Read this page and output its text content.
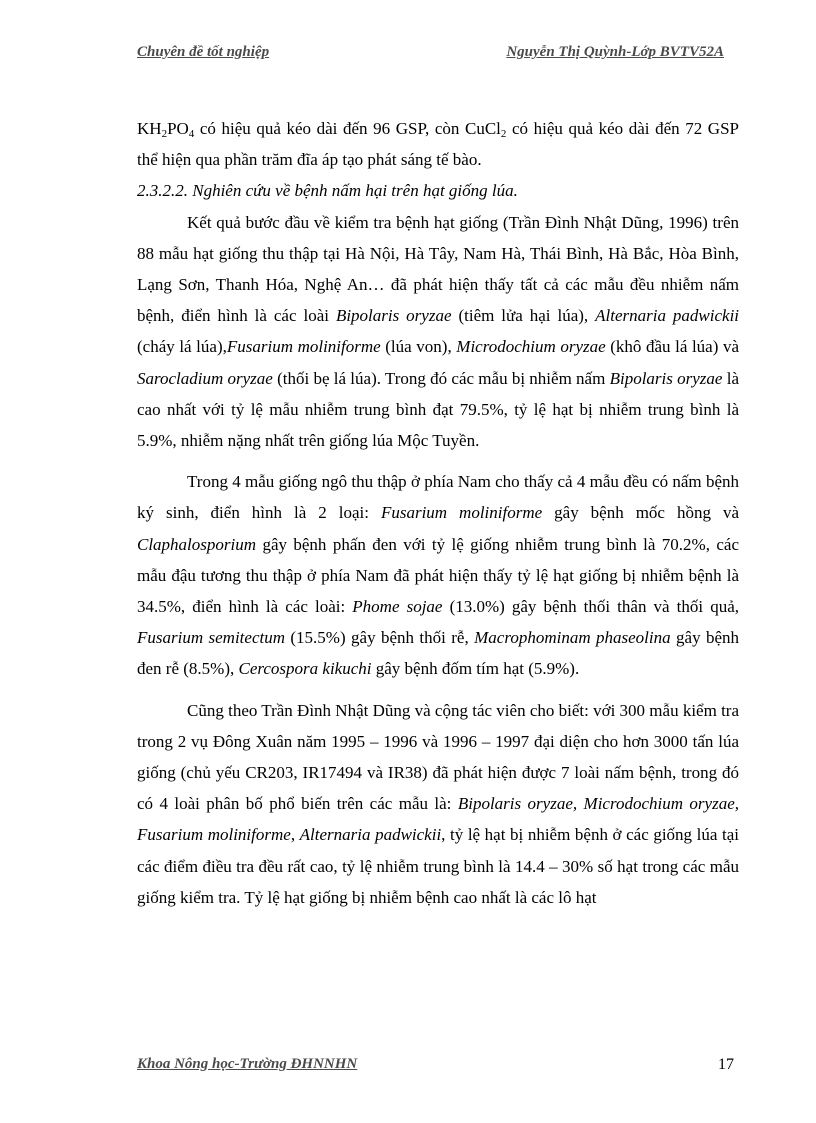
Chuyên đề tốt nghiệp	Nguyễn Thị Quỳnh-Lớp BVTV52A

$KH_2PO_4$ có hiệu quả kéo dài đến 96 GSP, còn CuCl$_2$ có hiệu quả kéo dài đến 72 GSP thể hiện qua phần trăm đĩa áp tạo phát sáng tế bào.

2.3.2.2. Nghiên cứu về bệnh nấm hại trên hạt giống lúa.

Kết quả bước đầu về kiểm tra bệnh hạt giống (Trần Đình Nhật Dũng, 1996) trên 88 mẫu hạt giống thu thập tại Hà Nội, Hà Tây, Nam Hà, Thái Bình, Hà Bắc, Hòa Bình, Lạng Sơn, Thanh Hóa, Nghệ An… đã phát hiện thấy tất cả các mẫu đều nhiễm nấm bệnh, điển hình là các loài Bipolaris oryzae (tiêm lửa hại lúa), Alternaria padwickii (cháy lá lúa),Fusarium moliniforme (lúa von), Microdochium oryzae (khô đầu lá lúa) và Sarocladium oryzae (thối bẹ lá lúa). Trong đó các mẫu bị nhiễm nấm Bipolaris oryzae là cao nhất với tỷ lệ mẫu nhiễm trung bình đạt 79.5%, tỷ lệ hạt bị nhiễm trung bình là 5.9%, nhiễm nặng nhất trên giống lúa Mộc Tuyền.

Trong 4 mẫu giống ngô thu thập ở phía Nam cho thấy cả 4 mẫu đều có nấm bệnh ký sinh, điển hình là 2 loại: Fusarium moliniforme gây bệnh mốc hồng và Claphalosporium gây bệnh phấn đen với tỷ lệ giống nhiễm trung bình là 70.2%, các mẫu đậu tương thu thập ở phía Nam đã phát hiện thấy tỷ lệ hạt giống bị nhiễm bệnh là 34.5%, điển hình là các loài: Phome sojae (13.0%) gây bệnh thối thân và thối quả, Fusarium semitectum (15.5%) gây bệnh thối rễ, Macrophominam phaseolina gây bệnh đen rễ (8.5%), Cercospora kikuchi gây bệnh đốm tím hạt (5.9%).

Cũng theo Trần Đình Nhật Dũng và cộng tác viên cho biết: với 300 mẫu kiểm tra trong 2 vụ Đông Xuân năm 1995 – 1996 và 1996 – 1997 đại diện cho hơn 3000 tấn lúa giống (chủ yếu CR203, IR17494 và IR38) đã phát hiện được 7 loài nấm bệnh, trong đó có 4 loài phân bố phổ biến trên các mẫu là: Bipolaris oryzae, Microdochium oryzae, Fusarium moliniforme, Alternaria padwickii, tỷ lệ hạt bị nhiễm bệnh ở các giống lúa tại các điểm điều tra đều rất cao, tỷ lệ nhiễm trung bình là 14.4 – 30% số hạt trong các mẫu giống kiểm tra. Tỷ lệ hạt giống bị nhiễm bệnh cao nhất là các lô hạt

Khoa Nông học-Trường ĐHNNHN	17
